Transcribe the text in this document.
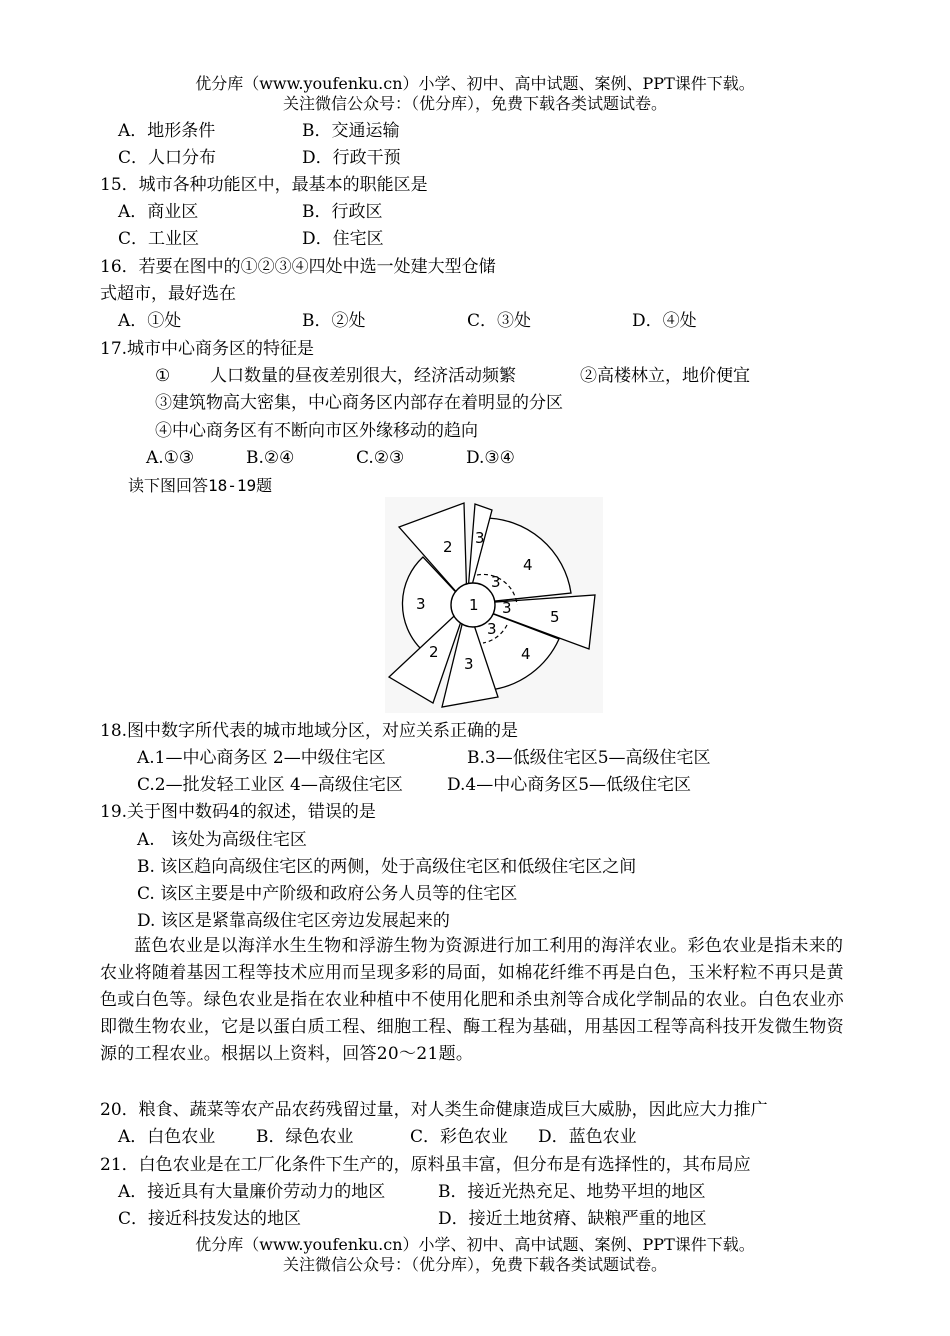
优分库（www.youfenku.cn）小学、初中、高中试题、案例、PPT课件下载。
关注微信公众号：（优分库），免费下载各类试题试卷。
A．地形条件	B．交通运输
C．人口分布	D．行政干预
15．城市各种功能区中，最基本的职能区是
A．商业区	B．行政区
C．工业区	D．住宅区
16．若要在图中的①②③④四处中选一处建大型仓储
式超市，最好选在
A．①处	B．②处	C．③处	D．④处
17.城市中心商务区的特征是
① 人口数量的昼夜差别很大，经济活动频繁	②高楼林立，地价便宜
③建筑物高大密集，中心商务区内部存在着明显的分区
④中心商务区有不断向市区外缘移动的趋向
A.①③	B.②④	C.②③	D.③④
读下图回答18-19题
1
2
2
3
3
3
3
3
3
4
4
5
18.图中数字所代表的城市地域分区，对应关系正确的是
A.1—中心商务区 2—中级住宅区	B.3—低级住宅区5—高级住宅区
C.2—批发轻工业区 4—高级住宅区	D.4—中心商务区5—低级住宅区
19.关于图中数码4的叙述，错误的是
A.   该处为高级住宅区
B. 该区趋向高级住宅区的两侧，处于高级住宅区和低级住宅区之间
C. 该区主要是中产阶级和政府公务人员等的住宅区
D. 该区是紧靠高级住宅区旁边发展起来的

蓝色农业是以海洋水生生物和浮游生物为资源进行加工利用的海洋农业。彩色农业是指未来的农业将随着基因工程等技术应用而呈现多彩的局面，如棉花纤维不再是白色，玉米籽粒不再只是黄色或白色等。绿色农业是指在农业种植中不使用化肥和杀虫剂等合成化学制品的农业。白色农业亦即微生物农业，它是以蛋白质工程、细胞工程、酶工程为基础，用基因工程等高科技开发微生物资源的工程农业。根据以上资料，回答20～21题。

20．粮食、蔬菜等农产品农药残留过量，对人类生命健康造成巨大威胁，因此应大力推广
A．白色农业 B．绿色农业	C．彩色农业 D．蓝色农业
21．白色农业是在工厂化条件下生产的，原料虽丰富，但分布是有选择性的，其布局应
A．接近具有大量廉价劳动力的地区	B．接近光热充足、地势平坦的地区
C．接近科技发达的地区	D．接近土地贫瘠、缺粮严重的地区
优分库（www.youfenku.cn）小学、初中、高中试题、案例、PPT课件下载。
关注微信公众号：（优分库），免费下载各类试题试卷。
